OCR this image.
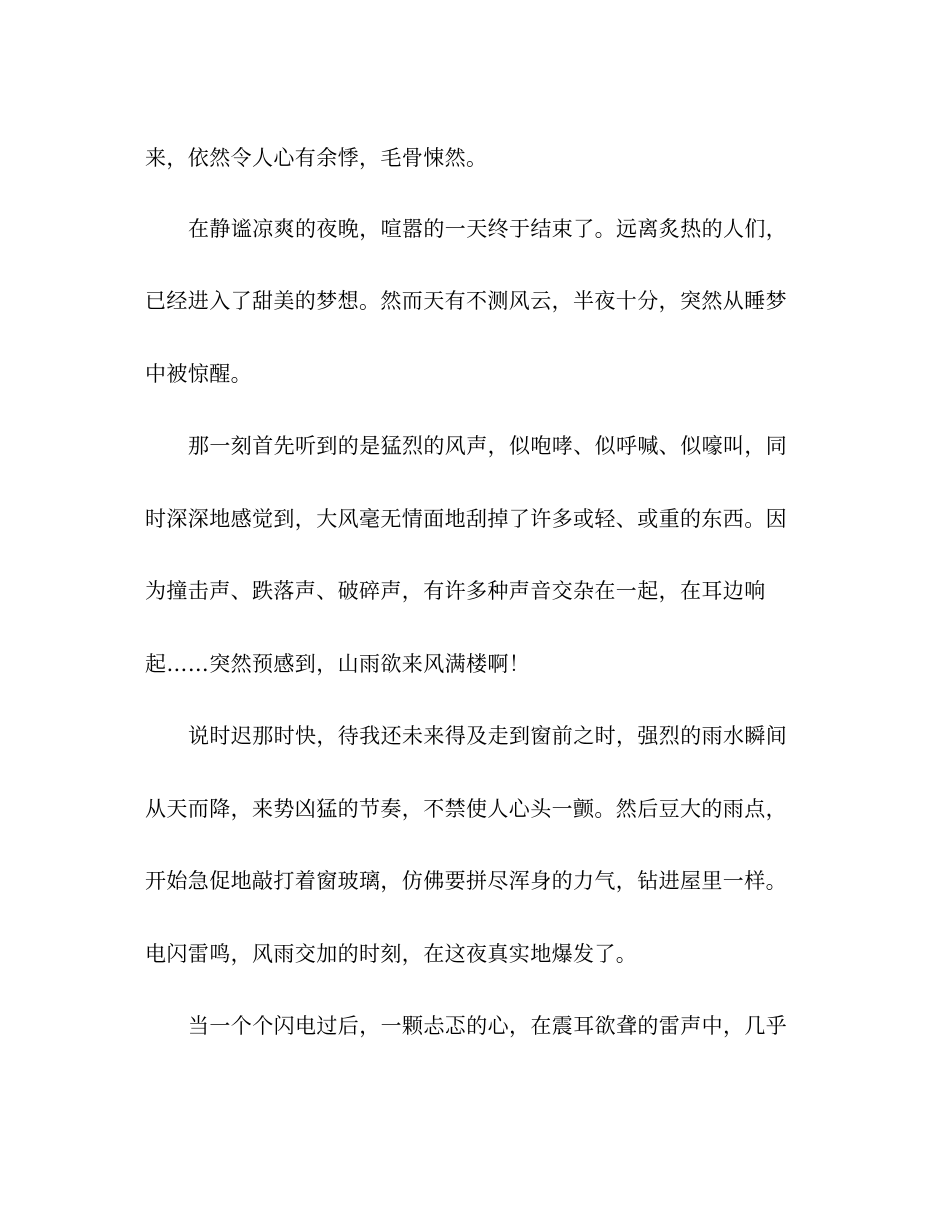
来，依然令人心有余悸，毛骨悚然。
在静谧凉爽的夜晚，喧嚣的一天终于结束了。远离炙热的人们，
已经进入了甜美的梦想。然而天有不测风云，半夜十分，突然从睡梦
中被惊醒。
那一刻首先听到的是猛烈的风声，似咆哮、似呼喊、似嚎叫，同
时深深地感觉到，大风毫无情面地刮掉了许多或轻、或重的东西。因
为撞击声、跌落声、破碎声，有许多种声音交杂在一起，在耳边响
起……突然预感到，山雨欲来风满楼啊！
说时迟那时快，待我还未来得及走到窗前之时，强烈的雨水瞬间
从天而降，来势凶猛的节奏，不禁使人心头一颤。然后豆大的雨点，
开始急促地敲打着窗玻璃，仿佛要拼尽浑身的力气，钻进屋里一样。
电闪雷鸣，风雨交加的时刻，在这夜真实地爆发了。
当一个个闪电过后，一颗忐忑的心，在震耳欲聋的雷声中，几乎
